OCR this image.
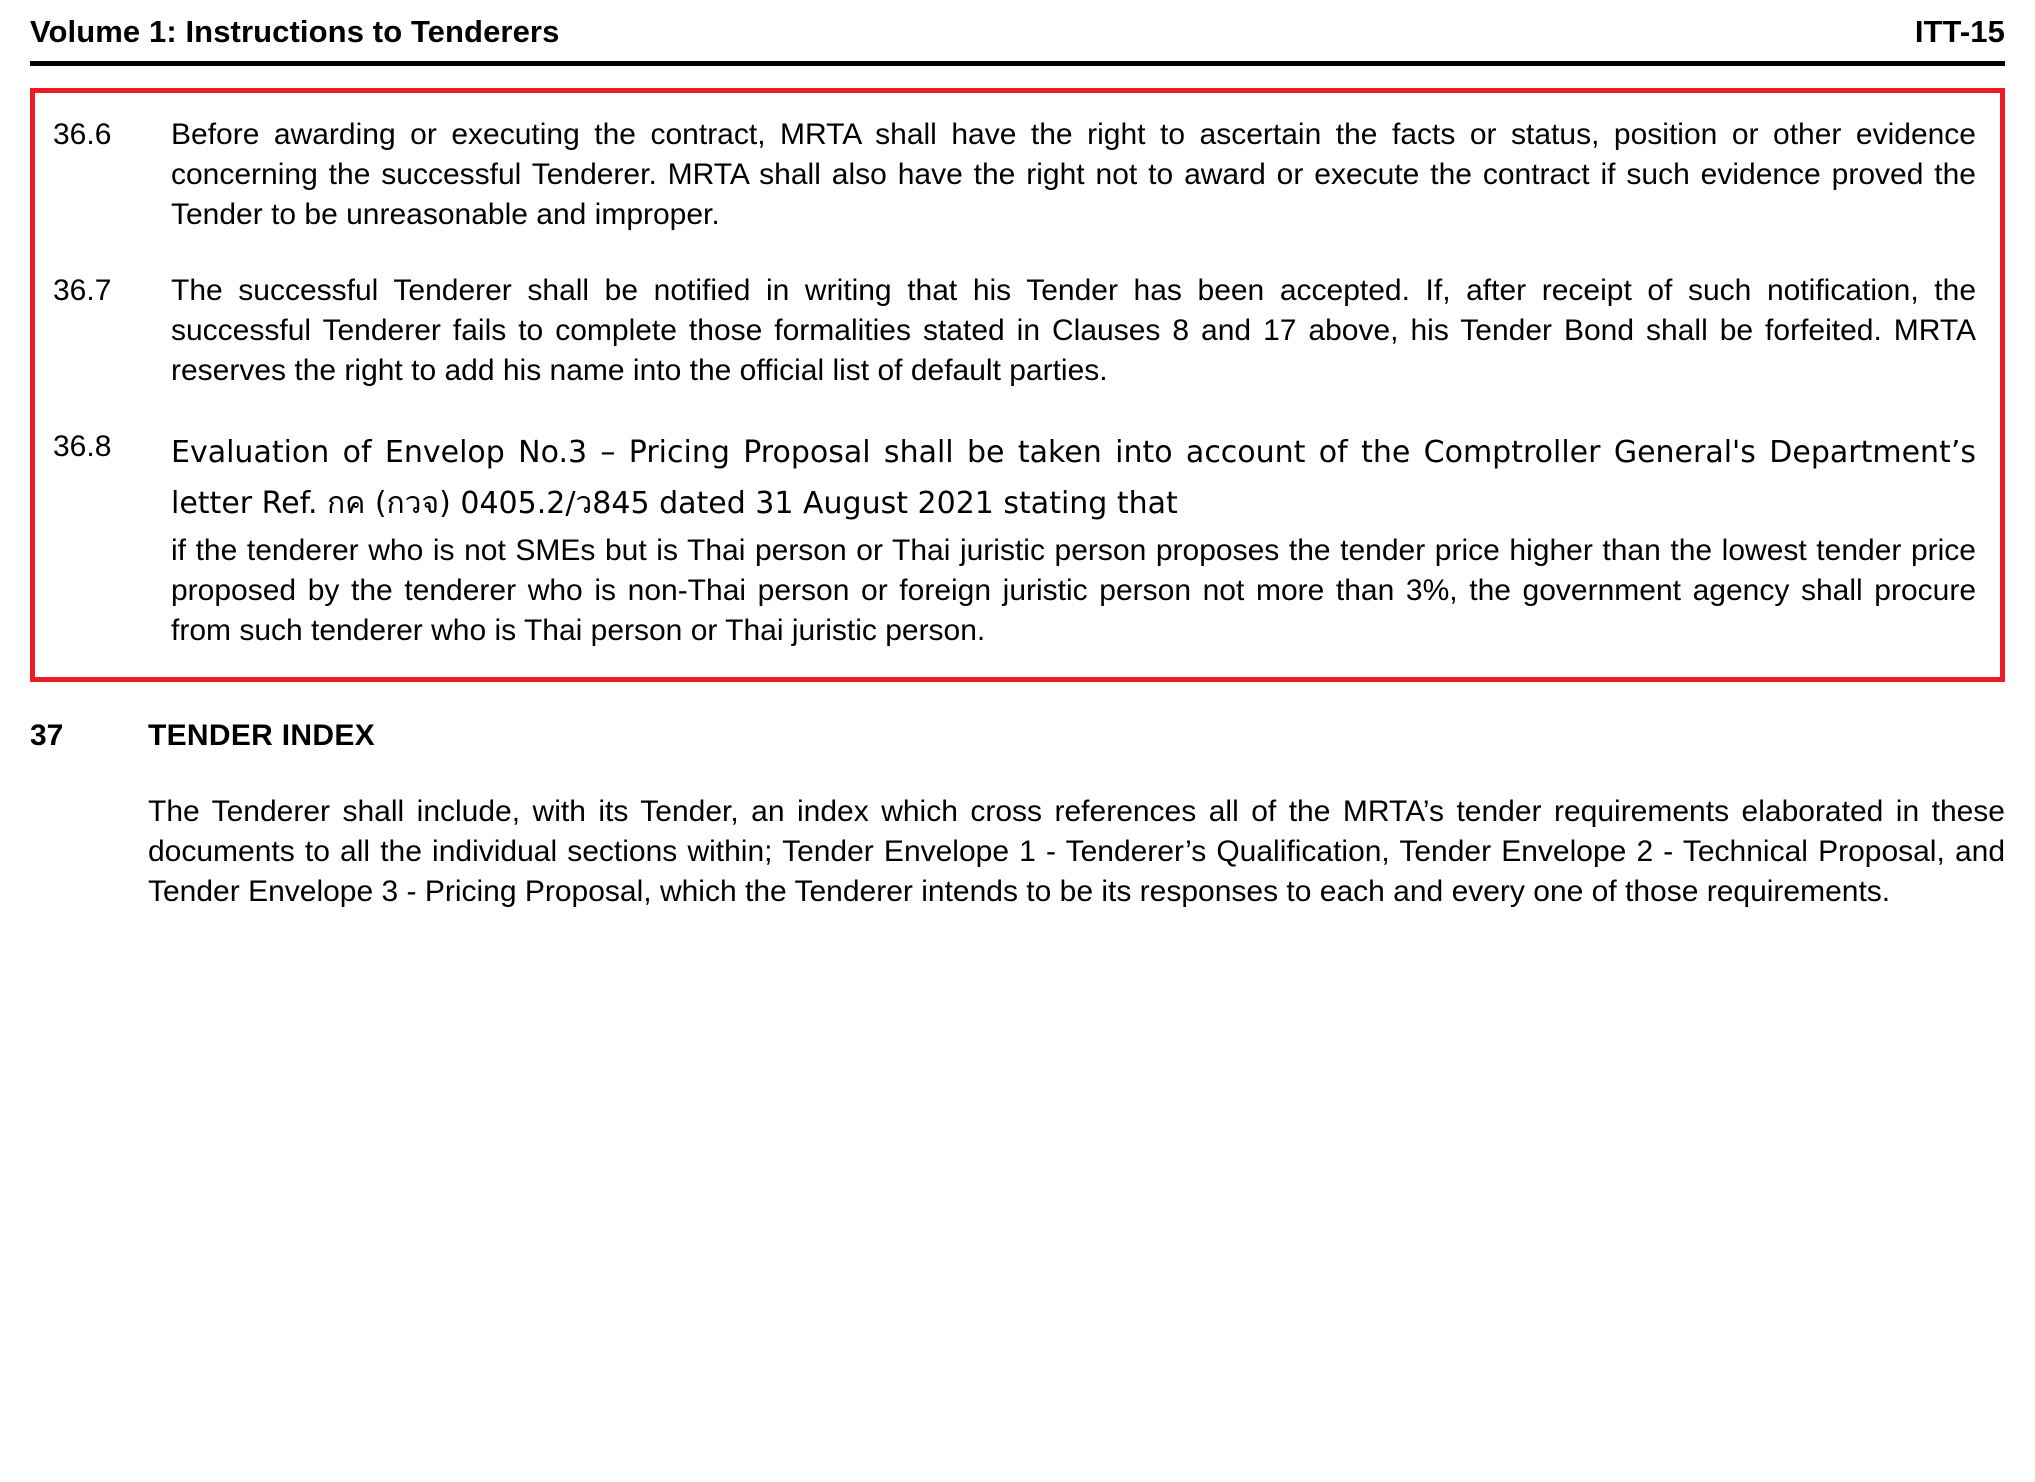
Volume 1: Instructions to Tenderers	ITT-15
36.6	Before awarding or executing the contract, MRTA shall have the right to ascertain the facts or status, position or other evidence concerning the successful Tenderer. MRTA shall also have the right not to award or execute the contract if such evidence proved the Tender to be unreasonable and improper.

36.7	The successful Tenderer shall be notified in writing that his Tender has been accepted. If, after receipt of such notification, the successful Tenderer fails to complete those formalities stated in Clauses 8 and 17 above, his Tender Bond shall be forfeited. MRTA reserves the right to add his name into the official list of default parties.

36.8	Evaluation of Envelop No.3 – Pricing Proposal shall be taken into account of the Comptroller General's Department’s letter Ref. กค (กวจ) 0405.2/ว845 dated 31 August 2021 stating that

if the tenderer who is not SMEs but is Thai person or Thai juristic person proposes the tender price higher than the lowest tender price proposed by the tenderer who is non-Thai person or foreign juristic person not more than 3%, the government agency shall procure from such tenderer who is Thai person or Thai juristic person.
37	TENDER INDEX

The Tenderer shall include, with its Tender, an index which cross references all of the MRTA’s tender requirements elaborated in these documents to all the individual sections within; Tender Envelope 1 - Tenderer’s Qualification, Tender Envelope 2 - Technical Proposal, and Tender Envelope 3 - Pricing Proposal, which the Tenderer intends to be its responses to each and every one of those requirements.
